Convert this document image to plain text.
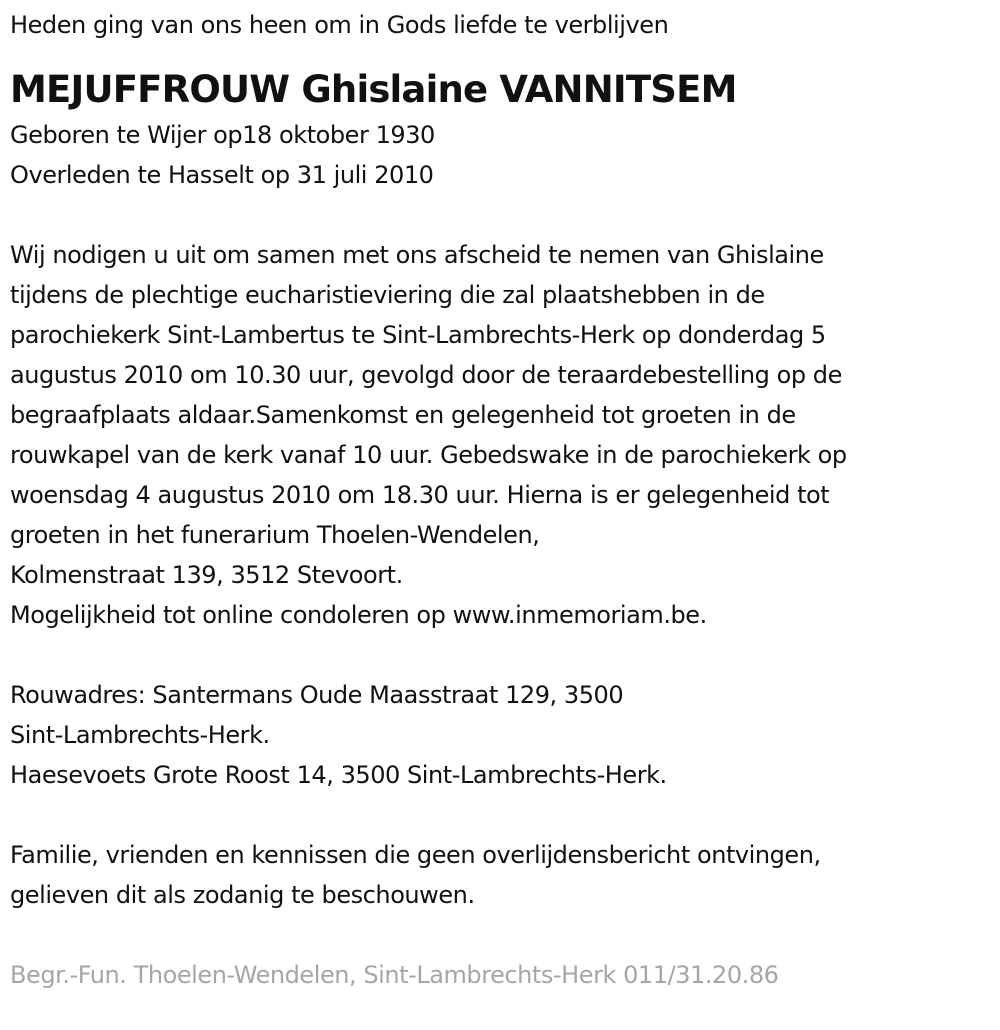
Heden ging van ons heen om in Gods liefde te verblijven
MEJUFFROUW Ghislaine VANNITSEM
Geboren te Wijer op18 oktober 1930
Overleden te Hasselt op 31 juli 2010
Wij nodigen u uit om samen met ons afscheid te nemen van Ghislaine
tijdens de plechtige eucharistieviering die zal plaatshebben in de
parochiekerk Sint-Lambertus te Sint-Lambrechts-Herk op donderdag 5
augustus 2010 om 10.30 uur, gevolgd door de teraardebestelling op de
begraafplaats aldaar.Samenkomst en gelegenheid tot groeten in de
rouwkapel van de kerk vanaf 10 uur. Gebedswake in de parochiekerk op
woensdag 4 augustus 2010 om 18.30 uur. Hierna is er gelegenheid tot
groeten in het funerarium Thoelen-Wendelen,
Kolmenstraat 139, 3512 Stevoort.
Mogelijkheid tot online condoleren op www.inmemoriam.be.
Rouwadres: Santermans Oude Maasstraat 129, 3500
Sint-Lambrechts-Herk.
Haesevoets Grote Roost 14, 3500 Sint-Lambrechts-Herk.
Familie, vrienden en kennissen die geen overlijdensbericht ontvingen,
gelieven dit als zodanig te beschouwen.
Begr.-Fun. Thoelen-Wendelen, Sint-Lambrechts-Herk 011/31.20.86
